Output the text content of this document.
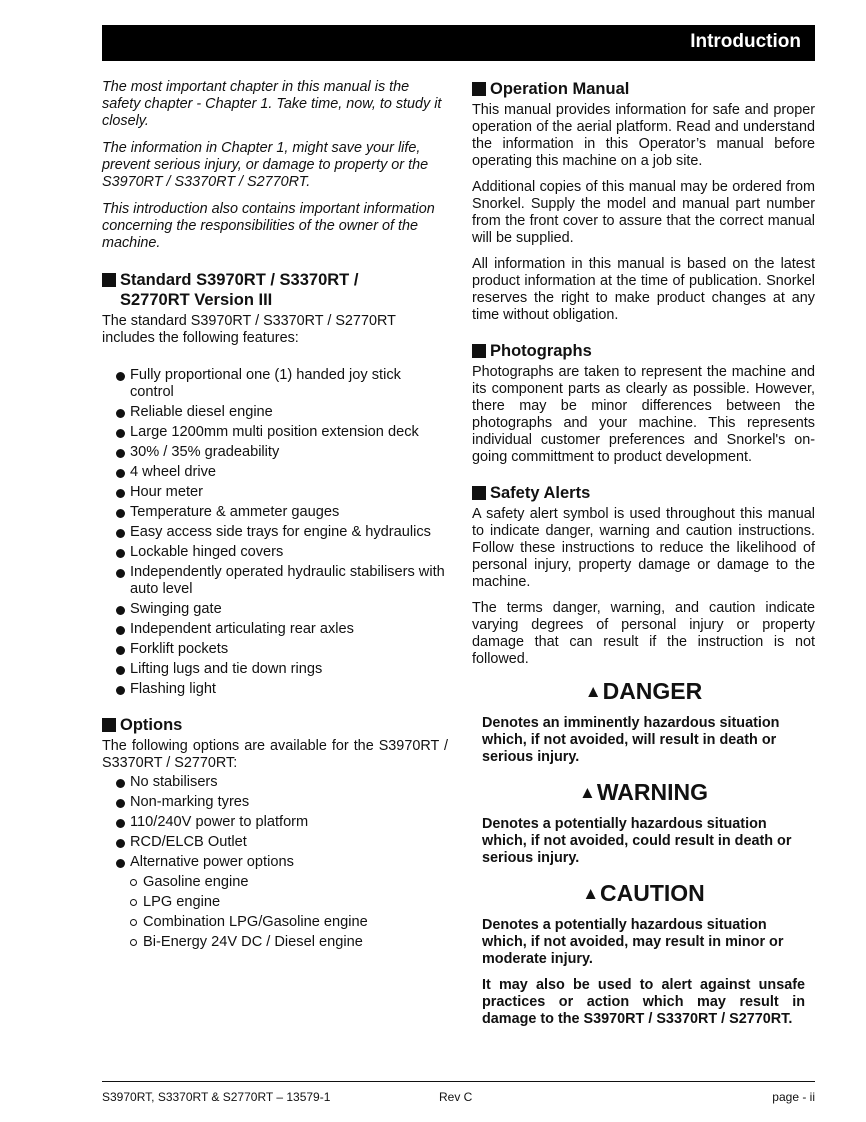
Introduction

The most important chapter in this manual is the safety chapter - Chapter 1. Take time, now, to study it closely.

The information in Chapter 1, might save your life, prevent serious injury, or damage to property or the S3970RT / S3370RT / S2770RT.

This introduction also contains important information concerning the responsibilities of the owner of the machine.

Standard S3970RT / S3370RT /
S2770RT Version III

The standard S3970RT / S3370RT / S2770RT includes the following features:

Fully proportional one (1) handed joy stick control
Reliable diesel engine
Large 1200mm multi position extension deck
30% / 35% gradeability
4 wheel drive
Hour meter
Temperature & ammeter gauges
Easy access side trays for engine & hydraulics
Lockable hinged covers
Independently operated hydraulic stabilisers with auto level
Swinging gate
Independent articulating rear axles
Forklift pockets
Lifting lugs and tie down rings
Flashing light
Options

The following options are available for the S3970RT / S3370RT / S2770RT:

No stabilisers
Non-marking tyres
110/240V power to platform
RCD/ELCB Outlet
Alternative power options
Gasoline engine
LPG engine
Combination LPG/Gasoline engine
Bi-Energy 24V DC / Diesel engine
Operation Manual

This manual provides information for safe and proper operation of the aerial platform. Read and understand the information in this Operator’s manual before operating this machine on a job site.

Additional copies of this manual may be ordered from Snorkel. Supply the model and manual part number from the front cover to assure that the correct manual will be supplied.

All information in this manual is based on the latest product information at the time of publication. Snorkel reserves the right to make product changes at any time without obligation.

Photographs

Photographs are taken to represent the machine and its component parts as clearly as possible. However, there may be minor differences between the photographs and your machine. This represents individual customer preferences and Snorkel's on-going committment to product development.

Safety Alerts

A safety alert symbol is used throughout this manual to indicate danger, warning and caution instructions. Follow these instructions to reduce the likelihood of personal injury, property damage or damage to the machine.

The terms danger, warning, and caution indicate varying degrees of personal injury or property damage that can result if the instruction is not followed.

▲DANGER

Denotes an imminently hazardous situation which, if not avoided, will result in death or serious injury.

▲WARNING

Denotes a potentially hazardous situation which, if not avoided, could result in death or serious injury.

▲CAUTION

Denotes a potentially hazardous situation which, if not avoided, may result in minor or moderate injury.

It may also be used to alert against unsafe practices or action which may result in damage to the S3970RT / S3370RT / S2770RT.

S3970RT, S3370RT & S2770RT – 13579-1	Rev C	page - ii
